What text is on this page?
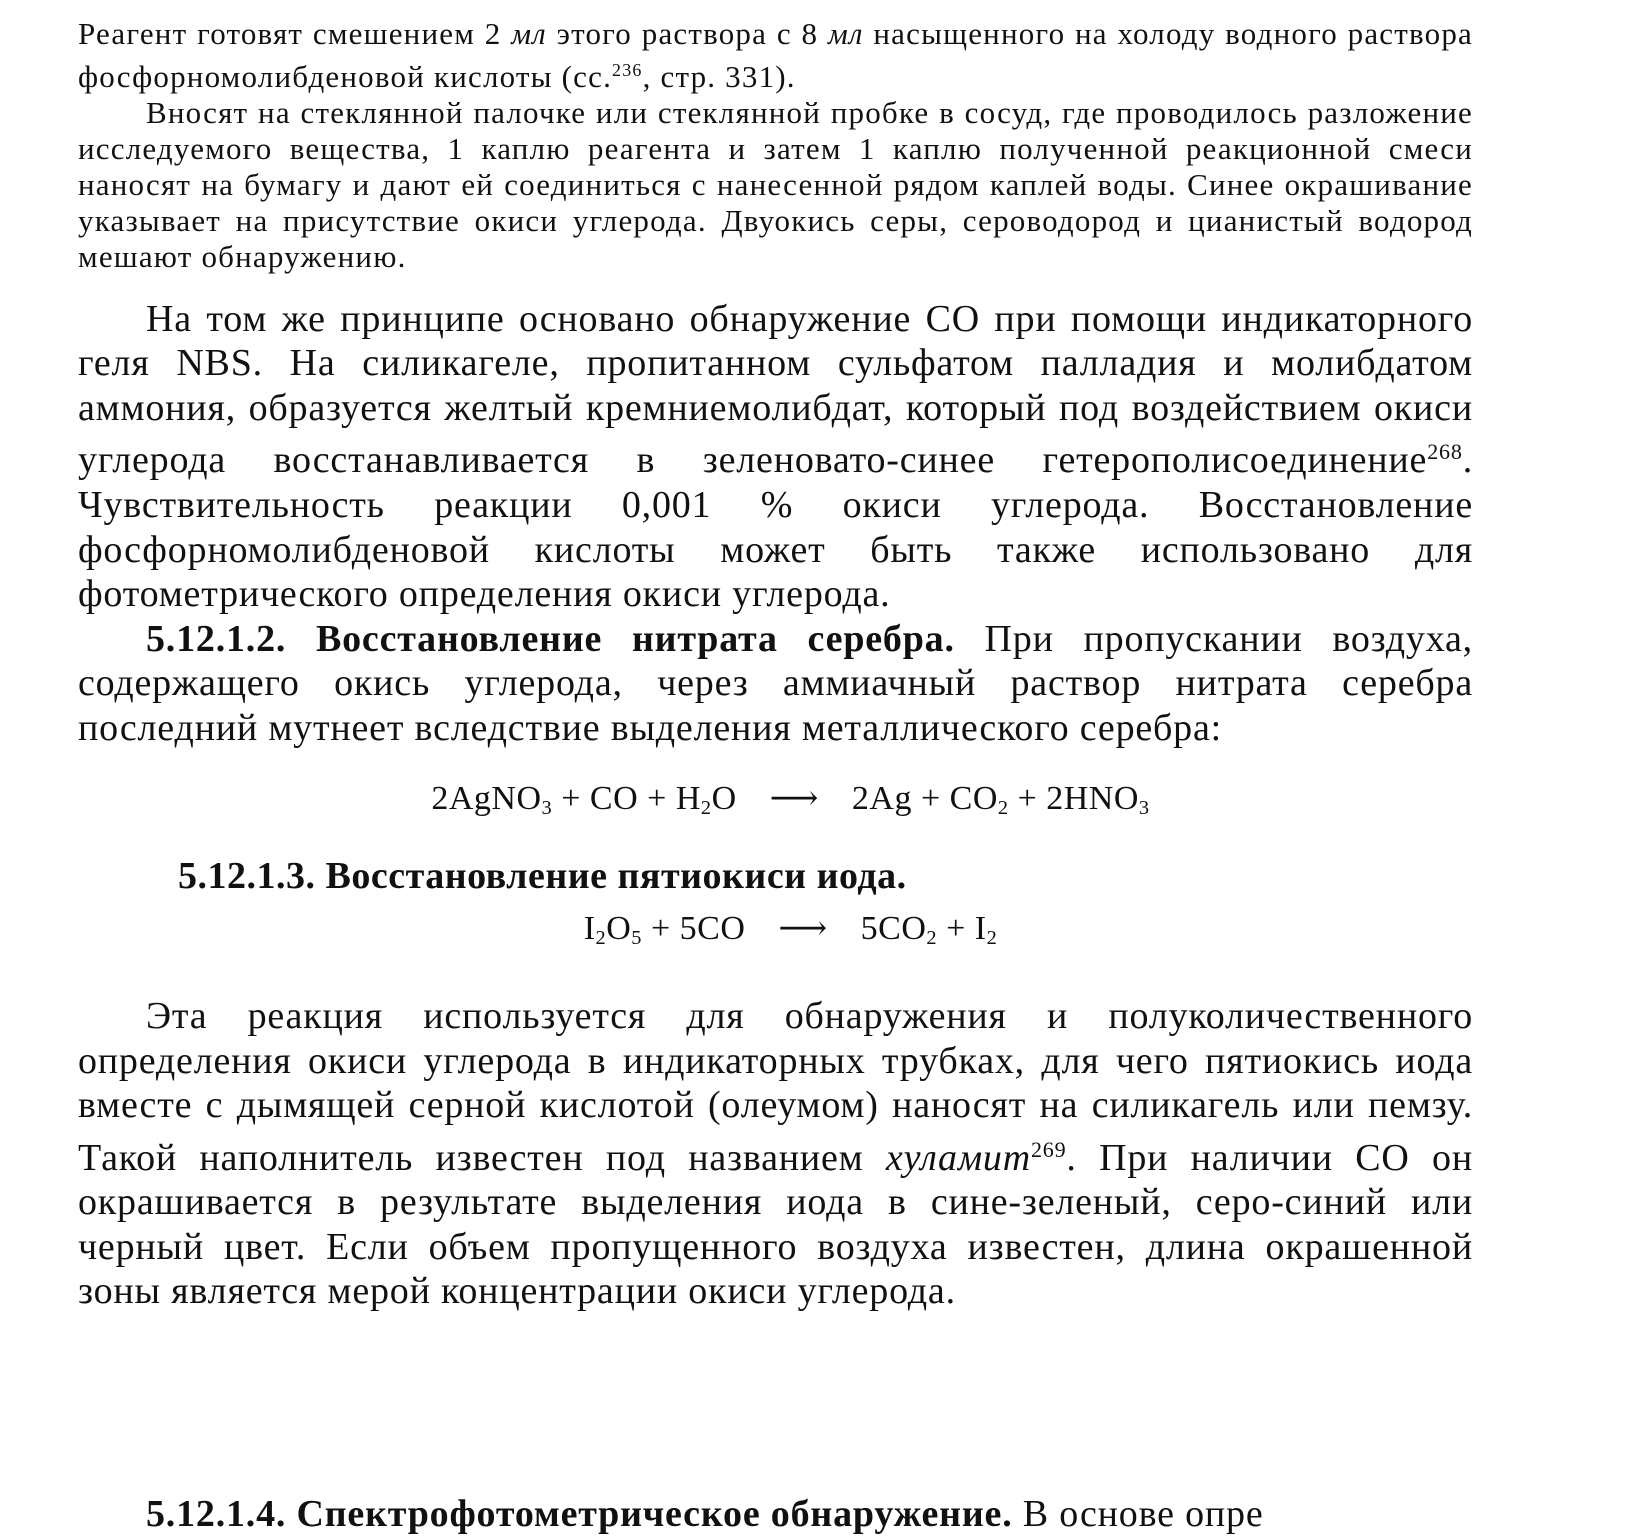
Реагент готовят смешением 2 мл этого раствора с 8 мл насыщенного на холоду водного раствора фосфорномолибденовой кислоты (сс.$^{236}$, стр. 331).

Вносят на стеклянной палочке или стеклянной пробке в сосуд, где проводилось разложение исследуемого вещества, 1 каплю реагента и затем 1 каплю полученной реакционной смеси наносят на бумагу и дают ей соединиться с нанесенной рядом каплей воды. Синее окрашивание указывает на присутствие окиси углерода. Двуокись серы, сероводород и цианистый водород мешают обнаружению.

На том же принципе основано обнаружение СО при помощи индикаторного геля NBS. На силикагеле, пропитанном сульфатом палладия и молибдатом аммония, образуется желтый кремниемолибдат, который под воздействием окиси углерода восстанавливается в зеленовато-синее гетерополисоединение$^{268}$. Чувствительность реакции 0,001 % окиси углерода. Восстановление фосфорномолибденовой кислоты может быть также использовано для фотометрического определения окиси углерода.

5.12.1.2. Восстановление нитрата серебра. При пропускании воздуха, содержащего окись углерода, через аммиачный раствор нитрата серебра последний мутнеет вследствие выделения металлического серебра:

2AgNO$_3$ + CO + $H_2O$ ⟶ $2Ag + CO_2 + 2HNO_3$
5.12.1.3. Восстановление пятиокиси иода.
$I_2O_5 + 5CO$ ⟶ $5CO_2 + I_2$

Эта реакция используется для обнаружения и полуколичественного определения окиси углерода в индикаторных трубках, для чего пятиокись иода вместе с дымящей серной кислотой (олеумом) наносят на силикагель или пемзу. Такой наполнитель известен под названием хуламит$^{269}$. При наличии СО он окрашивается в результате выделения иода в сине-зеленый, серо-синий или черный цвет. Если объем пропущенного воздуха известен, длина окрашенной зоны является мерой концентрации окиси углерода.

5.12.1.4. Спектрофотометрическое обнаружение. В основе опре
